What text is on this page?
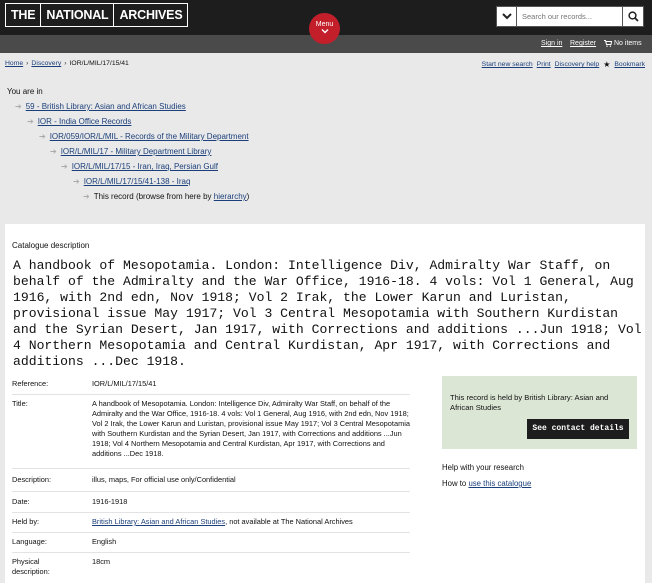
THE NATIONAL ARCHIVES
Search our records...
Sign in Register	No items
Menu
Home › Discovery › IOR/L/MIL/17/15/41	Start new search Print Discovery help ★ Bookmark
You are in
➔ 59 - British Library: Asian and African Studies
➔ IOR - India Office Records
➔ IOR/059/IOR/L/MIL - Records of the Military Department
➔ IOR/L/MIL/17 - Military Department Library
➔ IOR/L/MIL/17/15 - Iran, Iraq, Persian Gulf
➔ IOR/L/MIL/17/15/41-138 - Iraq
➔ This record (browse from here by hierarchy)
Catalogue description
A handbook of Mesopotamia. London: Intelligence Div, Admiralty War Staff, on behalf of the Admiralty and the War Office, 1916-18. 4 vols: Vol 1 General, Aug 1916, with 2nd edn, Nov 1918; Vol 2 Irak, the Lower Karun and Luristan, provisional issue May 1917; Vol 3 Central Mesopotamia with Southern Kurdistan and the Syrian Desert, Jan 1917, with Corrections and additions ...Jun 1918; Vol 4 Northern Mesopotamia and Central Kurdistan, Apr 1917, with Corrections and additions ...Dec 1918.
Reference:	IOR/L/MIL/17/15/41
Title:	A handbook of Mesopotamia. London: Intelligence Div, Admiralty War Staff, on behalf of the Admiralty and the War Office, 1916-18. 4 vols: Vol 1 General, Aug 1916, with 2nd edn, Nov 1918; Vol 2 Irak, the Lower Karun and Luristan, provisional issue May 1917; Vol 3 Central Mesopotamia with Southern Kurdistan and the Syrian Desert, Jan 1917, with Corrections and additions ...Jun 1918; Vol 4 Northern Mesopotamia and Central Kurdistan, Apr 1917, with Corrections and additions ...Dec 1918.
Description:	illus, maps, For official use only/Confidential
Date:	1916-1918
Held by:	British Library: Asian and African Studies, not available at The National Archives
Language:	English
Physical description:
18cm
This record is held by British Library: Asian and African Studies
See contact details
Help with your research
How to use this catalogue
